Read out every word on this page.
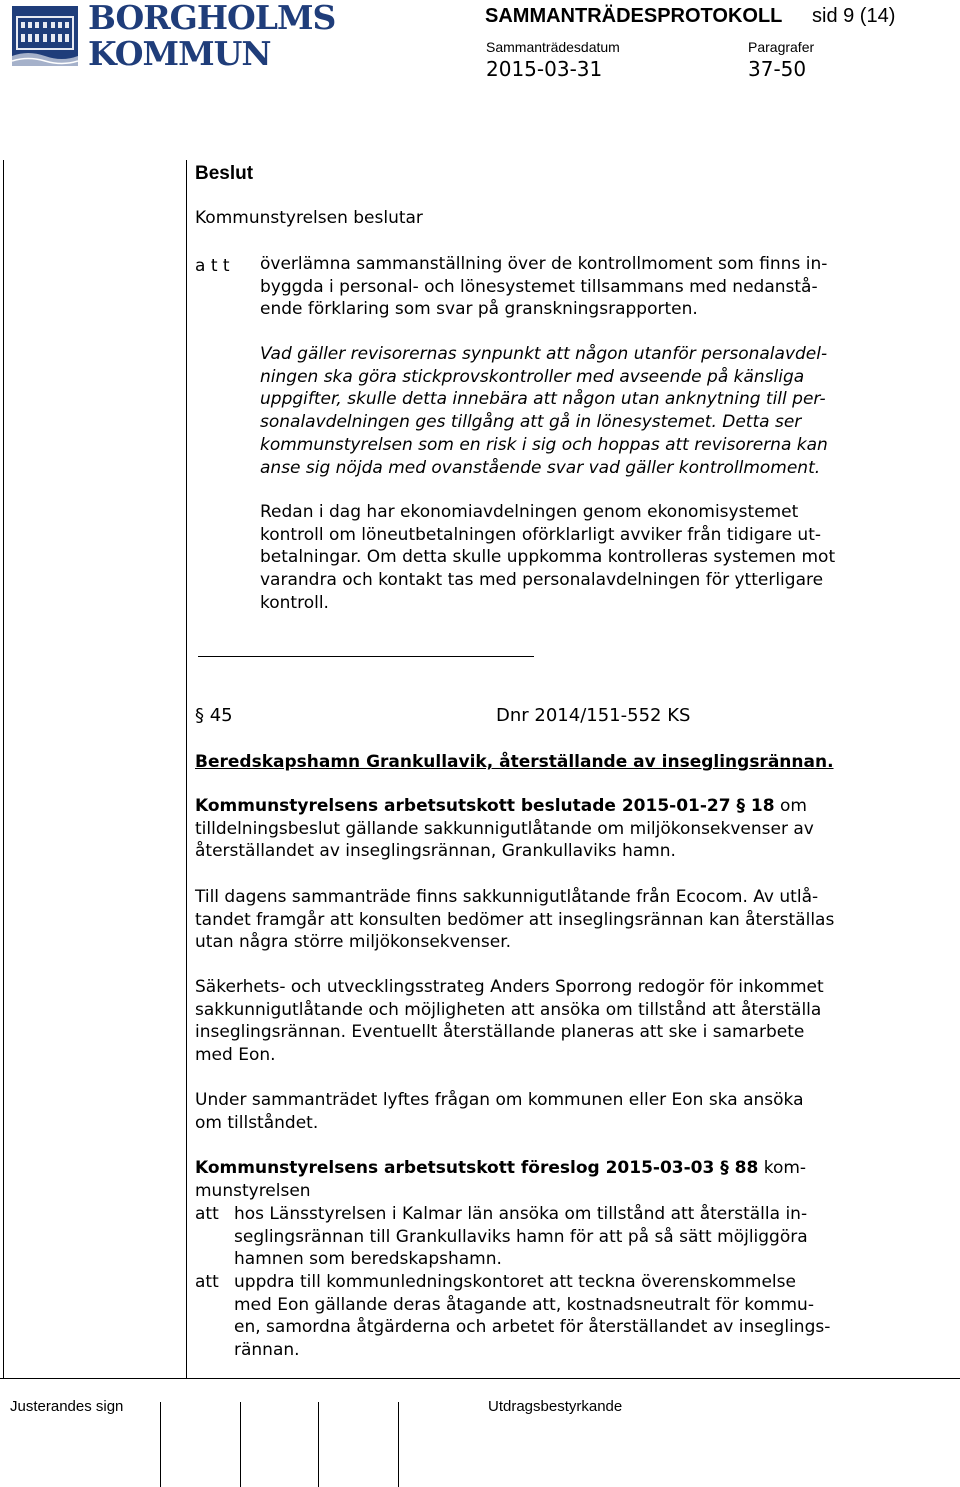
BORGHOLMS
KOMMUN
SAMMANTRÄDESPROTOKOLL sid 9 (14)
Sammanträdesdatum	Paragrafer
2015-03-31	37-50
Beslut
Kommunstyrelsen beslutar
a t t överlämna sammanställning över de kontrollmoment som finns in-
byggda i personal- och lönesystemet tillsammans med nedanstå-
ende förklaring som svar på granskningsrapporten.
Vad gäller revisorernas synpunkt att någon utanför personalavdel-
ningen ska göra stickprovskontroller med avseende på känsliga
uppgifter, skulle detta innebära att någon utan anknytning till per-
sonalavdelningen ges tillgång att gå in lönesystemet. Detta ser
kommunstyrelsen som en risk i sig och hoppas att revisorerna kan
anse sig nöjda med ovanstående svar vad gäller kontrollmoment.
Redan i dag har ekonomiavdelningen genom ekonomisystemet
kontroll om löneutbetalningen oförklarligt avviker från tidigare ut-
betalningar. Om detta skulle uppkomma kontrolleras systemen mot
varandra och kontakt tas med personalavdelningen för ytterligare
kontroll.
§ 45	Dnr 2014/151-552 KS
Beredskapshamn Grankullavik, återställande av inseglingsrännan.
Kommunstyrelsens arbetsutskott beslutade 2015-01-27 § 18 om
tilldelningsbeslut gällande sakkunnigutlåtande om miljökonsekvenser av
återställandet av inseglingsrännan, Grankullaviks hamn.
Till dagens sammanträde finns sakkunnigutlåtande från Ecocom. Av utlå-
tandet framgår att konsulten bedömer att inseglingsrännan kan återställas
utan några större miljökonsekvenser.
Säkerhets- och utvecklingsstrateg Anders Sporrong redogör för inkommet
sakkunnigutlåtande och möjligheten att ansöka om tillstånd att återställa
inseglingsrännan. Eventuellt återställande planeras att ske i samarbete
med Eon.
Under sammanträdet lyftes frågan om kommunen eller Eon ska ansöka
om tillståndet.
Kommunstyrelsens arbetsutskott föreslog 2015-03-03 § 88 kom-
munstyrelsen
att hos Länsstyrelsen i Kalmar län ansöka om tillstånd att återställa in-
seglingsrännan till Grankullaviks hamn för att på så sätt möjliggöra
hamnen som beredskapshamn.
att uppdra till kommunledningskontoret att teckna överenskommelse
med Eon gällande deras åtagande att, kostnadsneutralt för kommu-
en, samordna åtgärderna och arbetet för återställandet av inseglings-
rännan.
Justerandes sign	Utdragsbestyrkande
